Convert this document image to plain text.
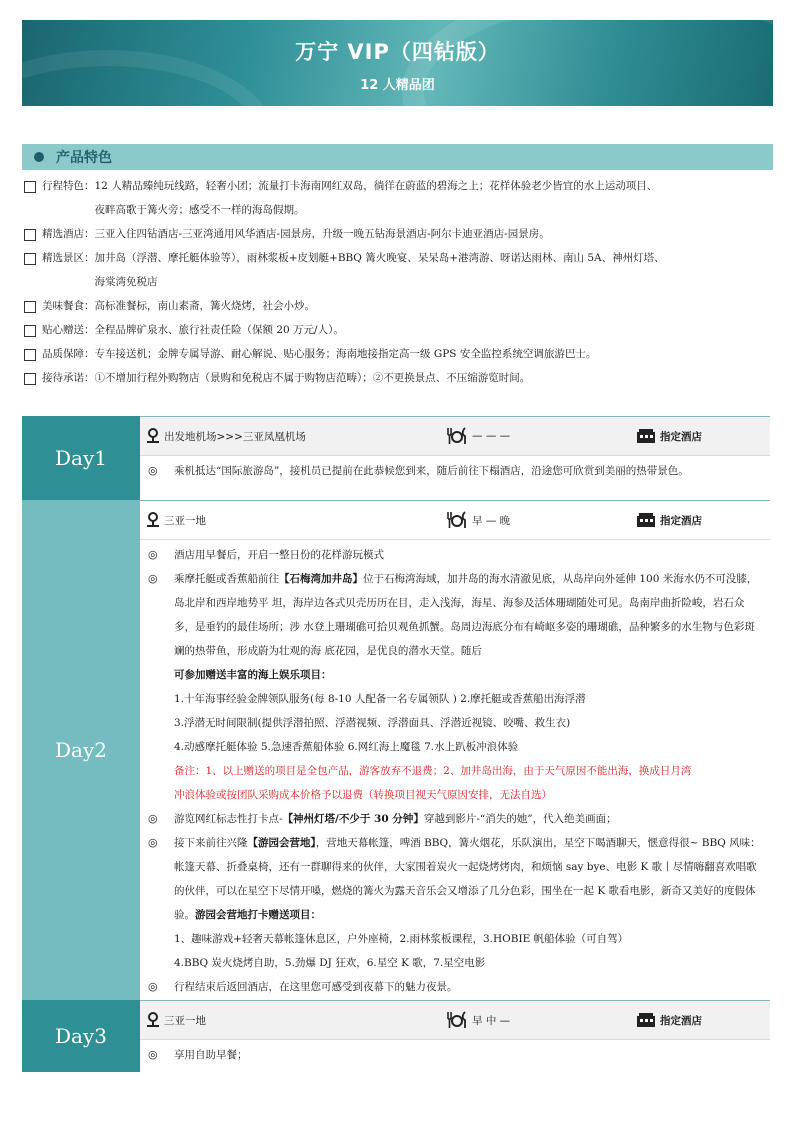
万宁 VIP（四钻版）
12 人精品团
产品特色
行程特色： 12 人精品臻纯玩线路，轻奢小团；流量打卡海南网红双岛，徜徉在蔚蓝的碧海之上；花样体验老少皆宜的水上运动项目、
夜畔高歌于篝火旁；感受不一样的海岛假期。
精选酒店： 三亚入住四钻酒店-三亚湾通用风华酒店-园景房，升级一晚五钻海景酒店-阿尔卡迪亚酒店-园景房。
精选景区： 加井岛（浮潜、摩托艇体验等），雨林浆板+皮划艇+BBQ 篝火晚宴、呆呆岛+港湾游、呀诺达雨林、南山 5A、神州灯塔、
海棠湾免税店
美味餐食： 高标准餐标，南山素斋，篝火烧烤，社会小炒。
贴心赠送： 全程品牌矿泉水、旅行社责任险（保额 20 万元/人）。
品质保障： 专车接送机；金牌专属导游、耐心解说、贴心服务；海南地接指定高一级 GPS 安全监控系统空调旅游巴士。
接待承诺： ①不增加行程外购物店（景购和免税店不属于购物店范畴）；②不更换景点、不压缩游览时间。
Day1
出发地机场>>>三亚凤凰机场	— — —	指定酒店
◎	乘机抵达“国际旅游岛”，接机员已提前在此恭候您到来，随后前往下榻酒店，沿途您可欣赏到美丽的热带景色。
Day2
三亚一地	早 — 晚	指定酒店
◎	酒店用早餐后，开启一整日份的花样游玩模式
◎	乘摩托艇或香蕉船前往【石梅湾加井岛】位于石梅湾海域，加井岛的海水清澈见底，从岛岸向外延伸 100 米海水仍不可没膝，岛北岸和西岸地势平 坦，海岸边各式贝壳历历在目，走入浅海，海星、海参及活体珊瑚随处可见。岛南岸曲折险峻，岩石众多，是垂钓的最佳场所；涉 水登上珊瑚礁可拾贝观鱼抓蟹。岛周边海底分布有崎岖多姿的珊瑚礁，品种繁多的水生物与色彩斑斓的热带鱼，形成蔚为壮观的海 底花园，是优良的潜水天堂。随后
可参加赠送丰富的海上娱乐项目：
1.十年海事经验金牌领队服务(每 8-10 人配备一名专属领队 ) 2.摩托艇或香蕉船出海浮潜
3.浮潜无时间限制(提供浮潜拍照、浮潜视频、浮潜面具、浮潜近视镜、咬嘴、救生衣)
4.动感摩托艇体验 5.急速香蕉船体验 6.网红海上魔毯 7.水上趴板冲浪体验
备注：1、以上赠送的项目是全包产品，游客放弃不退费；2、加井岛出海，由于天气原因不能出海，换成日月湾
冲浪体验或按团队采购成本价格予以退费（转换项目视天气原因安排，无法自选）
◎	游览网红标志性打卡点-【神州灯塔/不少于 30 分钟】穿越到影片-“消失的她”，代入绝美画面；
◎	接下来前往兴隆【游园会营地】，营地天幕帐篷，啤酒 BBQ，篝火烟花，乐队演出，星空下喝酒聊天，惬意得很~ BBQ 风味：帐篷天幕、折叠桌椅，还有一群聊得来的伙伴，大家围着炭火一起烧烤烤肉，和烦恼 say bye、电影 K 歌丨尽情嗨翻喜欢唱歌的伙伴，可以在星空下尽情开嗓，燃烧的篝火为露天音乐会又增添了几分色彩，围坐在一起 K 歌看电影，新奇又美好的度假体验。游园会营地打卡赠送项目：
1、趣味游戏+轻奢天幕帐篷休息区，户外座椅，2.雨林浆板课程，3.HOBIE 帆船体验（可自驾）
4.BBQ 炭火烧烤自助，5.劲爆 DJ 狂欢，6.星空 K 歌，7.星空电影
◎	行程结束后返回酒店，在这里您可感受到夜幕下的魅力夜景。
Day3
三亚一地	早 中 —	指定酒店
◎	享用自助早餐；
